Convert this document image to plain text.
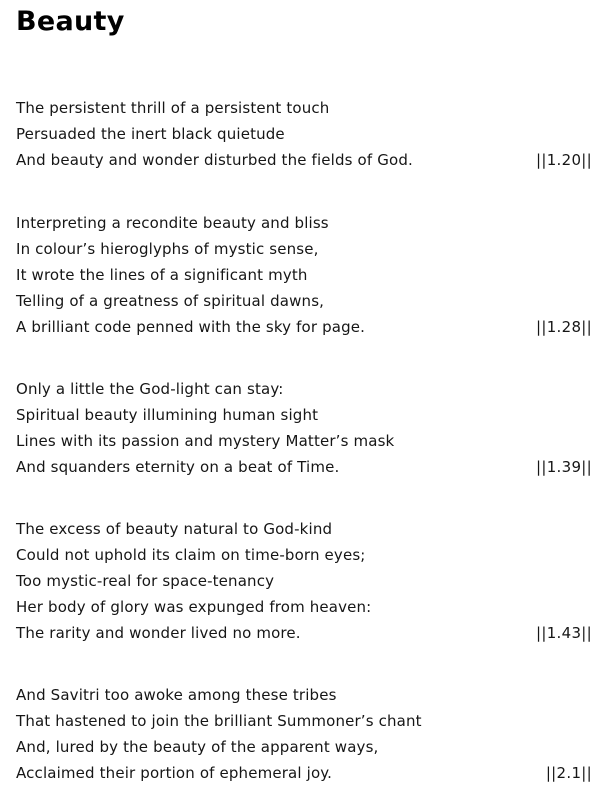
Beauty
The persistent thrill of a persistent touch
Persuaded the inert black quietude
And beauty and wonder disturbed the fields of God.	||1.20||
Interpreting a recondite beauty and bliss
In colour’s hieroglyphs of mystic sense,
It wrote the lines of a significant myth
Telling of a greatness of spiritual dawns,
A brilliant code penned with the sky for page.	||1.28||
Only a little the God-light can stay:
Spiritual beauty illumining human sight
Lines with its passion and mystery Matter’s mask
And squanders eternity on a beat of Time.	||1.39||
The excess of beauty natural to God-kind
Could not uphold its claim on time-born eyes;
Too mystic-real for space-tenancy
Her body of glory was expunged from heaven:
The rarity and wonder lived no more.	||1.43||
And Savitri too awoke among these tribes
That hastened to join the brilliant Summoner’s chant
And, lured by the beauty of the apparent ways,
Acclaimed their portion of ephemeral joy.	||2.1||
